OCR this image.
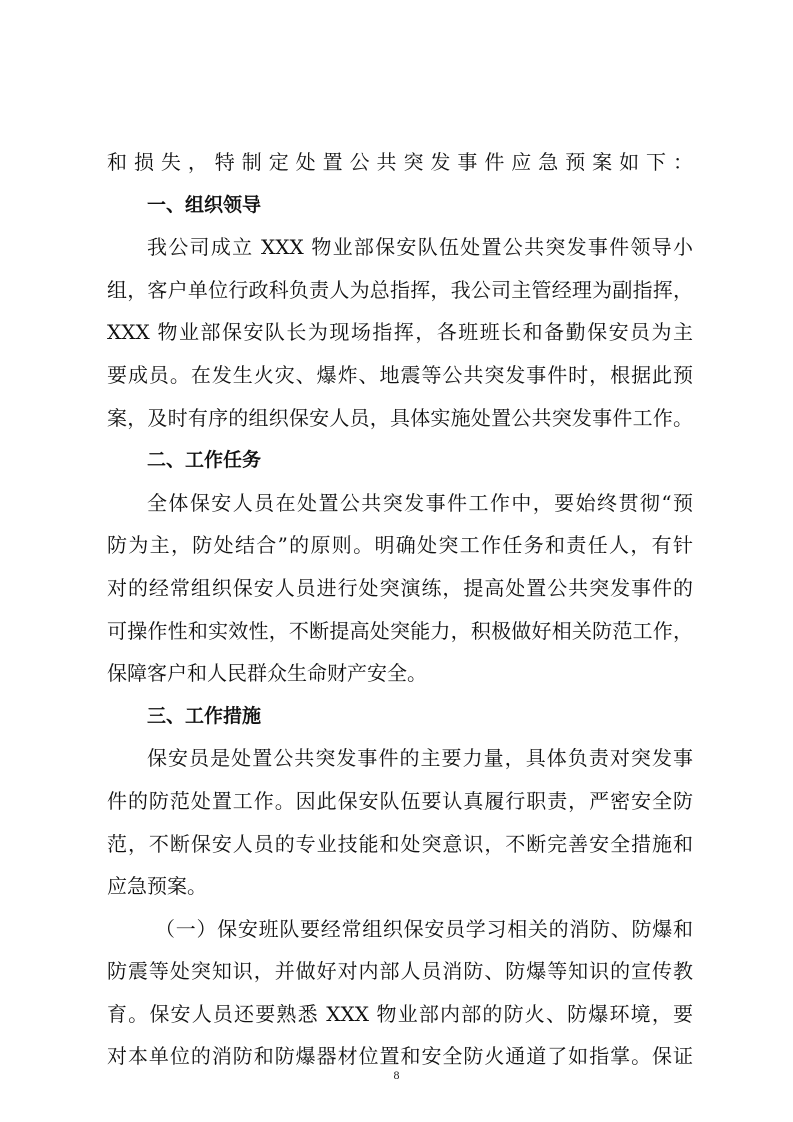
和损失，特制定处置公共突发事件应急预案如下：
一、组织领导
我公司成立 XXX 物业部保安队伍处置公共突发事件领导小
组，客户单位行政科负责人为总指挥，我公司主管经理为副指挥，
XXX 物业部保安队长为现场指挥，各班班长和备勤保安员为主
要成员。在发生火灾、爆炸、地震等公共突发事件时，根据此预
案，及时有序的组织保安人员，具体实施处置公共突发事件工作。
二、工作任务
全体保安人员在处置公共突发事件工作中，要始终贯彻“预
防为主，防处结合”的原则。明确处突工作任务和责任人，有针
对的经常组织保安人员进行处突演练，提高处置公共突发事件的
可操作性和实效性，不断提高处突能力，积极做好相关防范工作，
保障客户和人民群众生命财产安全。
三、工作措施
保安员是处置公共突发事件的主要力量，具体负责对突发事
件的防范处置工作。因此保安队伍要认真履行职责，严密安全防
范，不断保安人员的专业技能和处突意识，不断完善安全措施和
应急预案。
（一）保安班队要经常组织保安员学习相关的消防、防爆和
防震等处突知识，并做好对内部人员消防、防爆等知识的宣传教
育。保安人员还要熟悉 XXX 物业部内部的防火、防爆环境，要
对本单位的消防和防爆器材位置和安全防火通道了如指掌。保证
8
